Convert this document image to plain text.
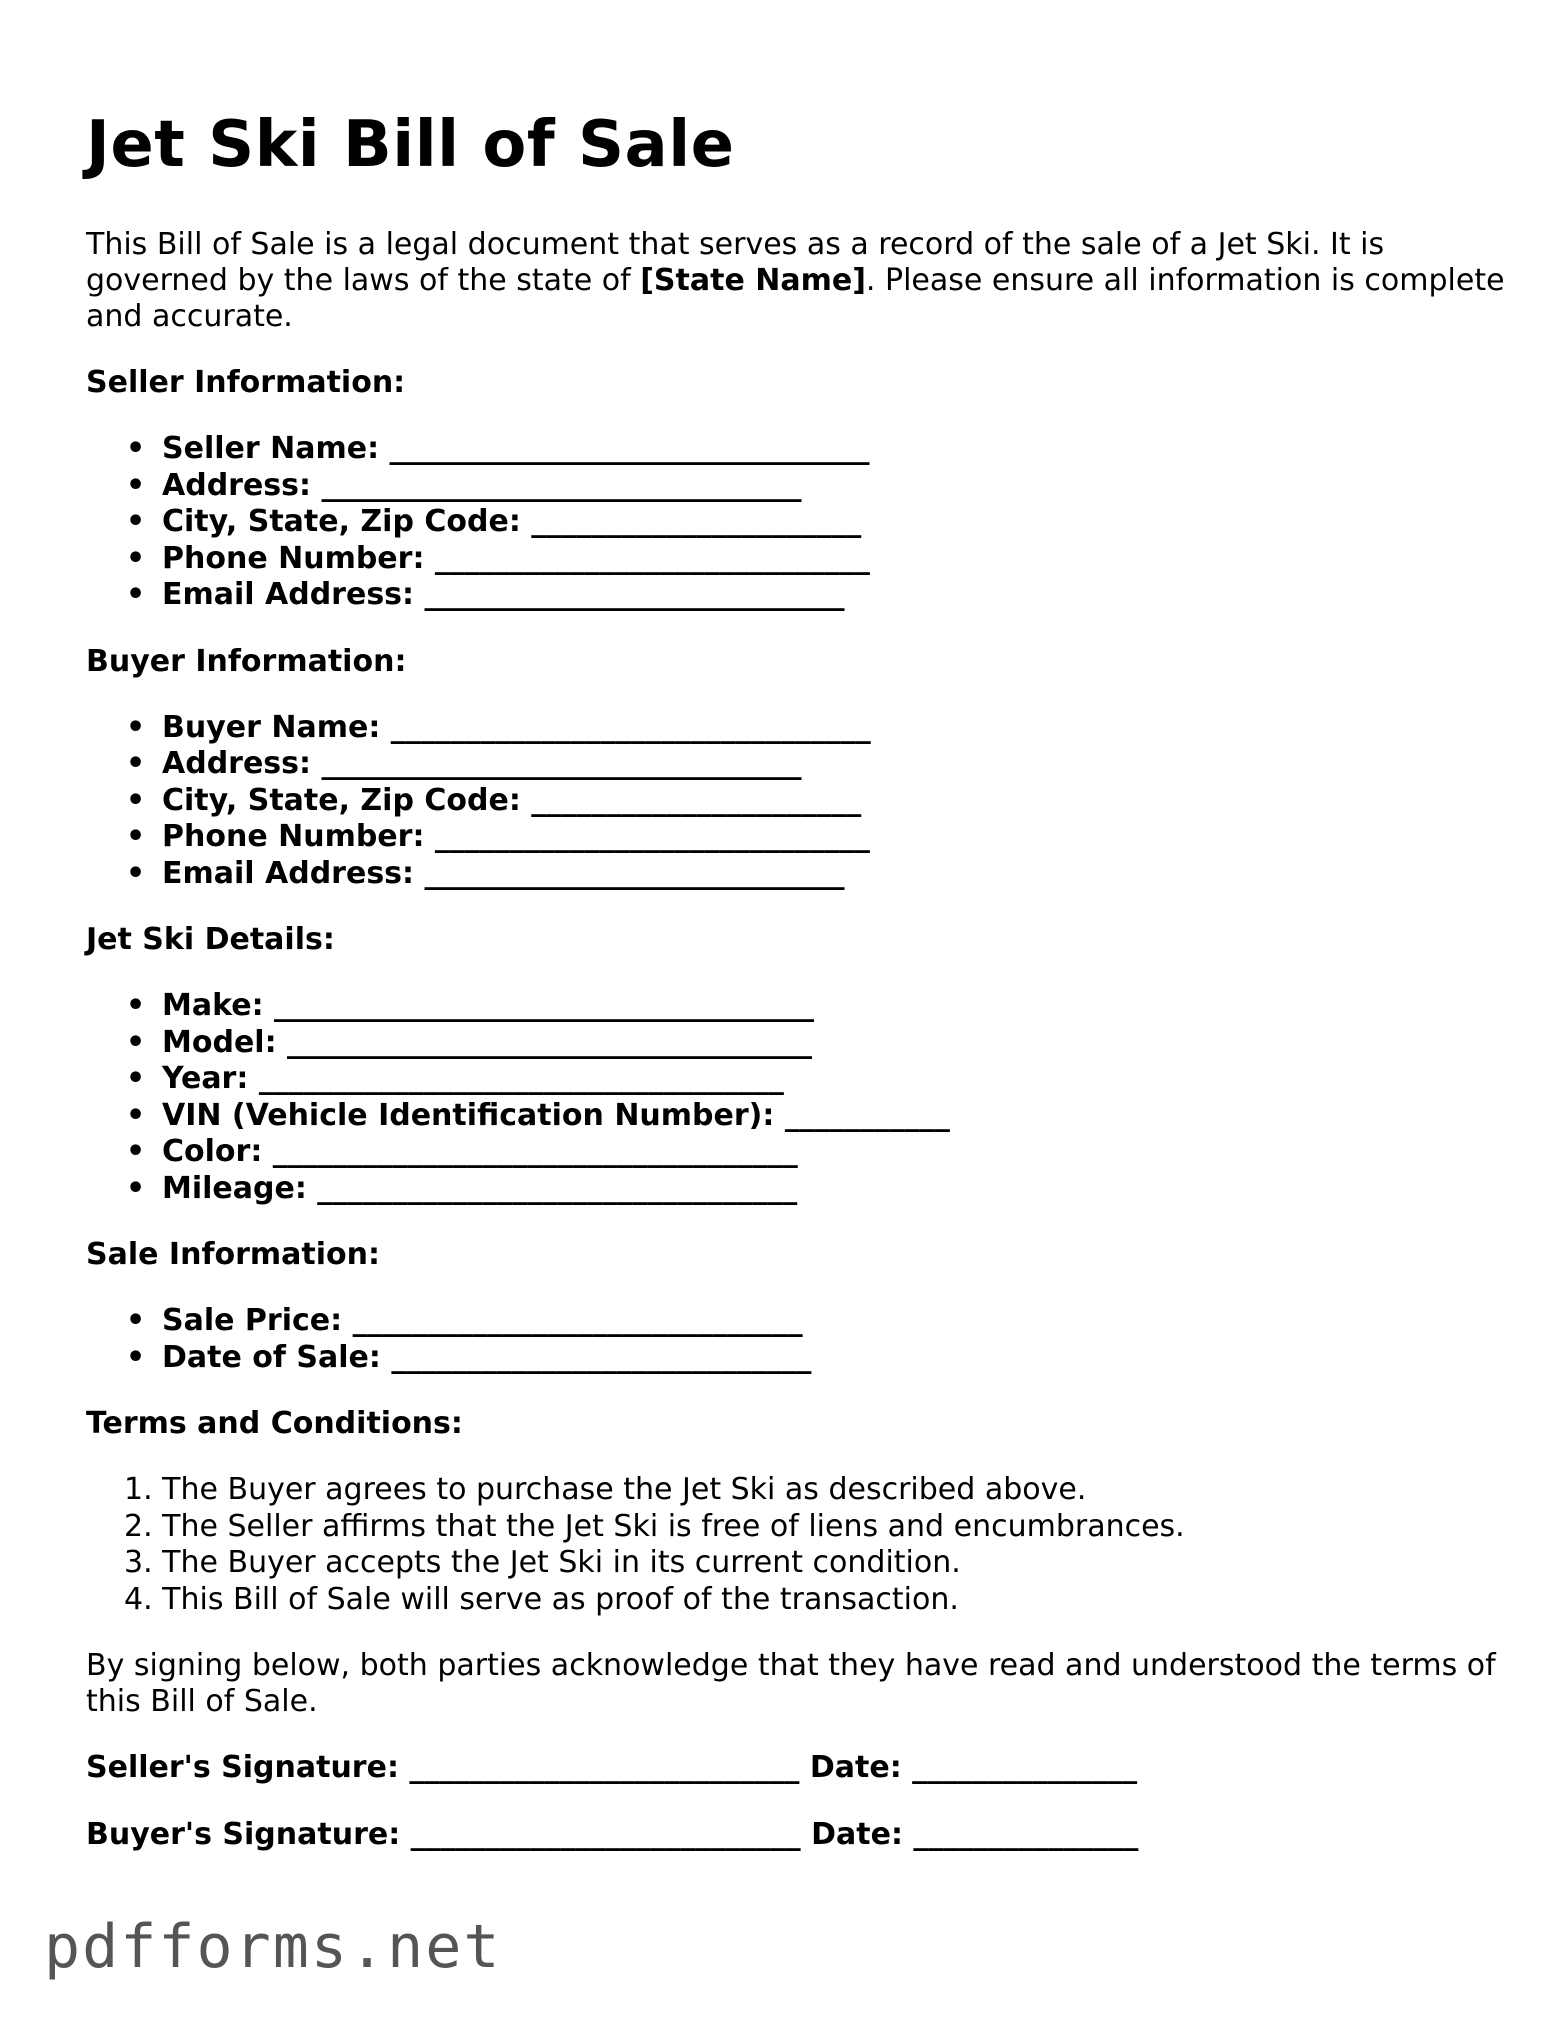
Jet Ski Bill of Sale

This Bill of Sale is a legal document that serves as a record of the sale of a Jet Ski. It is governed by the laws of the state of [State Name]. Please ensure all information is complete and accurate.

Seller Information:
• Seller Name: ________________________________
• Address: ________________________________
• City, State, Zip Code: ______________________
• Phone Number: _____________________________
• Email Address: ____________________________
Buyer Information:
• Buyer Name: ________________________________
• Address: ________________________________
• City, State, Zip Code: ______________________
• Phone Number: _____________________________
• Email Address: ____________________________
Jet Ski Details:
• Make: ____________________________________
• Model: ___________________________________
• Year: ___________________________________
• VIN (Vehicle Identification Number): ___________
• Color: ___________________________________
• Mileage: ________________________________
Sale Information:
• Sale Price: ______________________________
• Date of Sale: ____________________________
Terms and Conditions:
1. The Buyer agrees to purchase the Jet Ski as described above.
2. The Seller affirms that the Jet Ski is free of liens and encumbrances.
3. The Buyer accepts the Jet Ski in its current condition.
4. This Bill of Sale will serve as proof of the transaction.

By signing below, both parties acknowledge that they have read and understood the terms of this Bill of Sale.

Seller's Signature: __________________________ Date: _______________
Buyer's Signature: __________________________ Date: _______________
pdfforms.net
